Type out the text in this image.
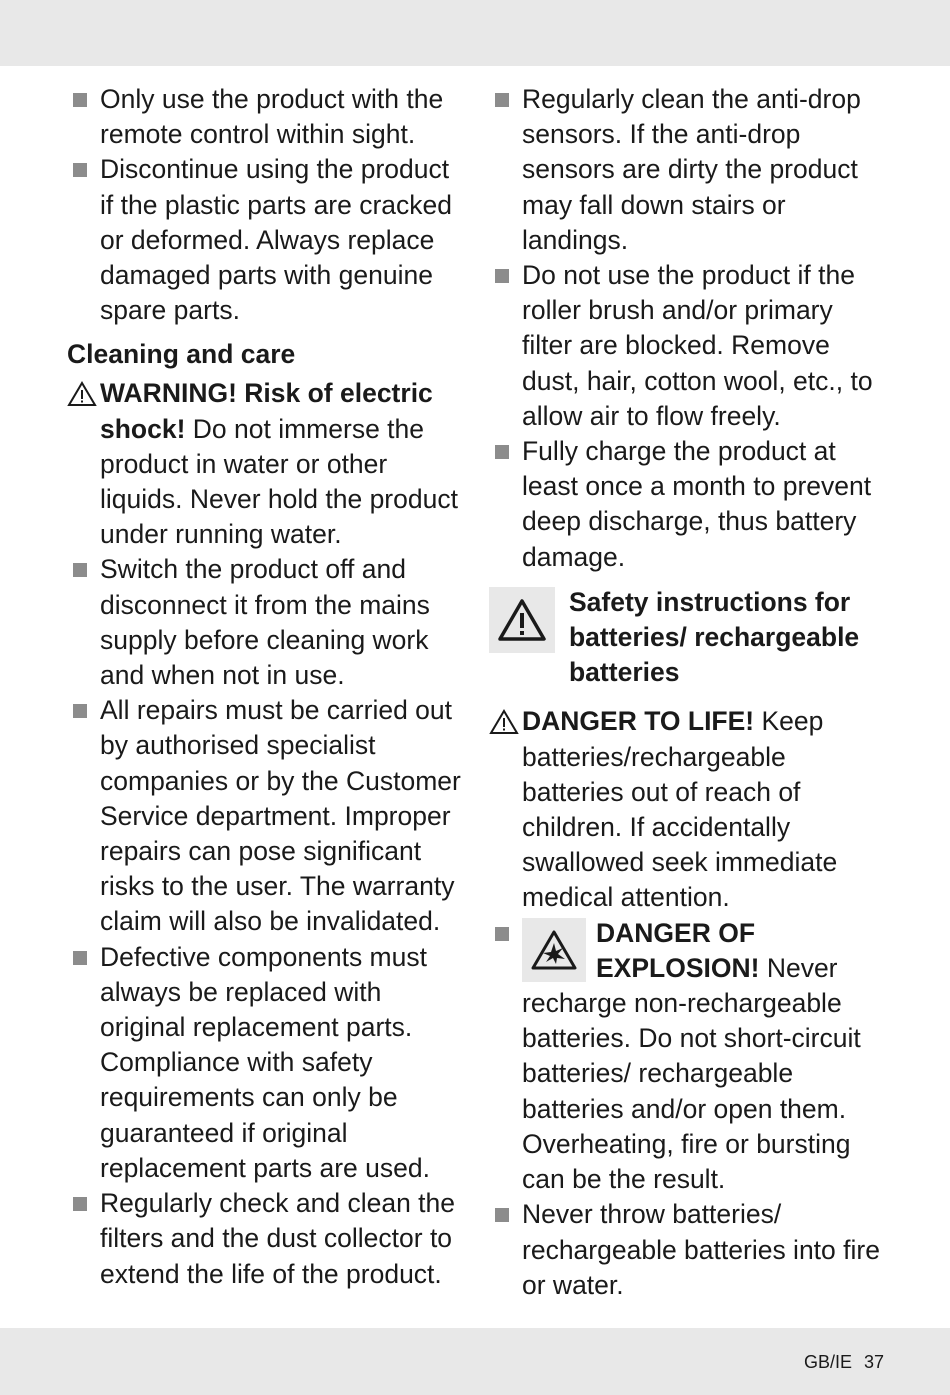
Only use the product with the remote control within sight.
Discontinue using the product if the plastic parts are cracked or deformed. Always replace damaged parts with genuine spare parts.
Cleaning and care
WARNING! Risk of electric shock! Do not immerse the product in water or other liquids. Never hold the product under running water.
Switch the product off and disconnect it from the mains supply before cleaning work and when not in use.
All repairs must be carried out by authorised specialist companies or by the Customer Service department. Improper repairs can pose significant risks to the user. The warranty claim will also be invalidated.
Defective components must always be replaced with original replacement parts. Compliance with safety requirements can only be guaranteed if original replacement parts are used.
Regularly check and clean the filters and the dust collector to extend the life of the product.
Regularly clean the anti-drop sensors. If the anti-drop sensors are dirty the product may fall down stairs or landings.
Do not use the product if the roller brush and/or primary filter are blocked. Remove dust, hair, cotton wool, etc., to allow air to flow freely.
Fully charge the product at least once a month to prevent deep discharge, thus battery damage.
Safety instructions for batteries/ rechargeable batteries
DANGER TO LIFE! Keep batteries/rechargeable batteries out of reach of children. If accidentally swallowed seek immediate medical attention.
DANGER OF EXPLOSION! Never recharge non-rechargeable batteries. Do not short-circuit batteries/ rechargeable batteries and/or open them. Overheating, fire or bursting can be the result.
Never throw batteries/ rechargeable batteries into fire or water.
GB/IE 37
